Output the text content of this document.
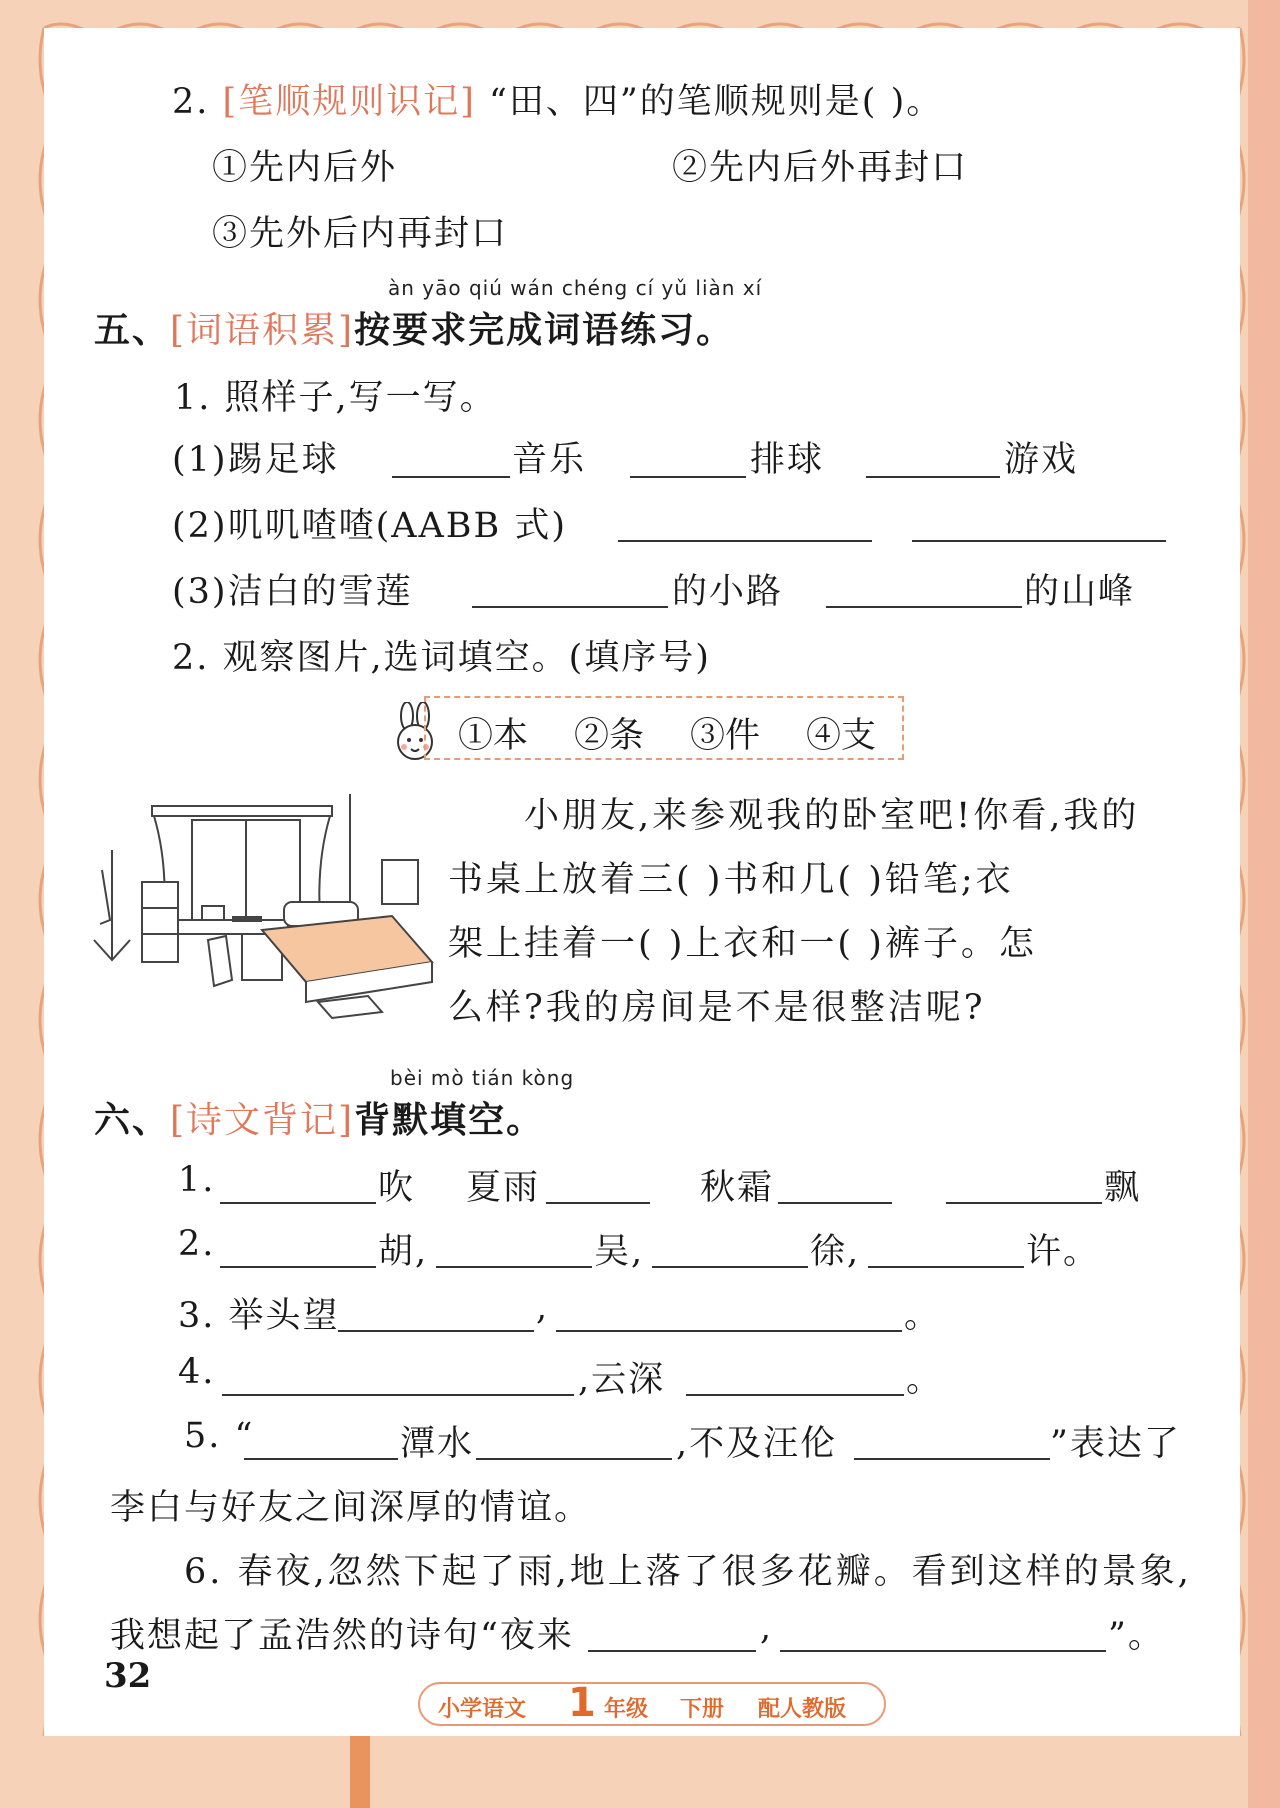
2. [笔顺规则识记] “田、四”的笔顺规则是( )。
①先内后外	②先内后外再封口
③先外后内再封口
àn yāo qiú wán chéng cí yǔ liàn xí
五、[词语积累]按要求完成词语练习。
1. 照样子,写一写。
(1)踢足球	音乐	排球	游戏
(2)叽叽喳喳(AABB 式)
(3)洁白的雪莲	的小路	的山峰
2. 观察图片,选词填空。(填序号)
①本 ②条 ③件 ④支
小朋友,来参观我的卧室吧!你看,我的
书桌上放着三( )书和几( )铅笔;衣
架上挂着一( )上衣和一( )裤子。怎
么样?我的房间是不是很整洁呢?
bèi mò tián kòng
六、[诗文背记]背默填空。
1.	吹 夏雨	秋霜	飘
2.	胡,	吴,	徐,	许。
3. 举头望	,	。
4.	,云深	。
5. “	潭水	,不及汪伦	”表达了
李白与好友之间深厚的情谊。
6. 春夜,忽然下起了雨,地上落了很多花瓣。看到这样的景象,
我想起了孟浩然的诗句“夜来	,	”。
32
小学语文 1 年级 下册 配人教版
